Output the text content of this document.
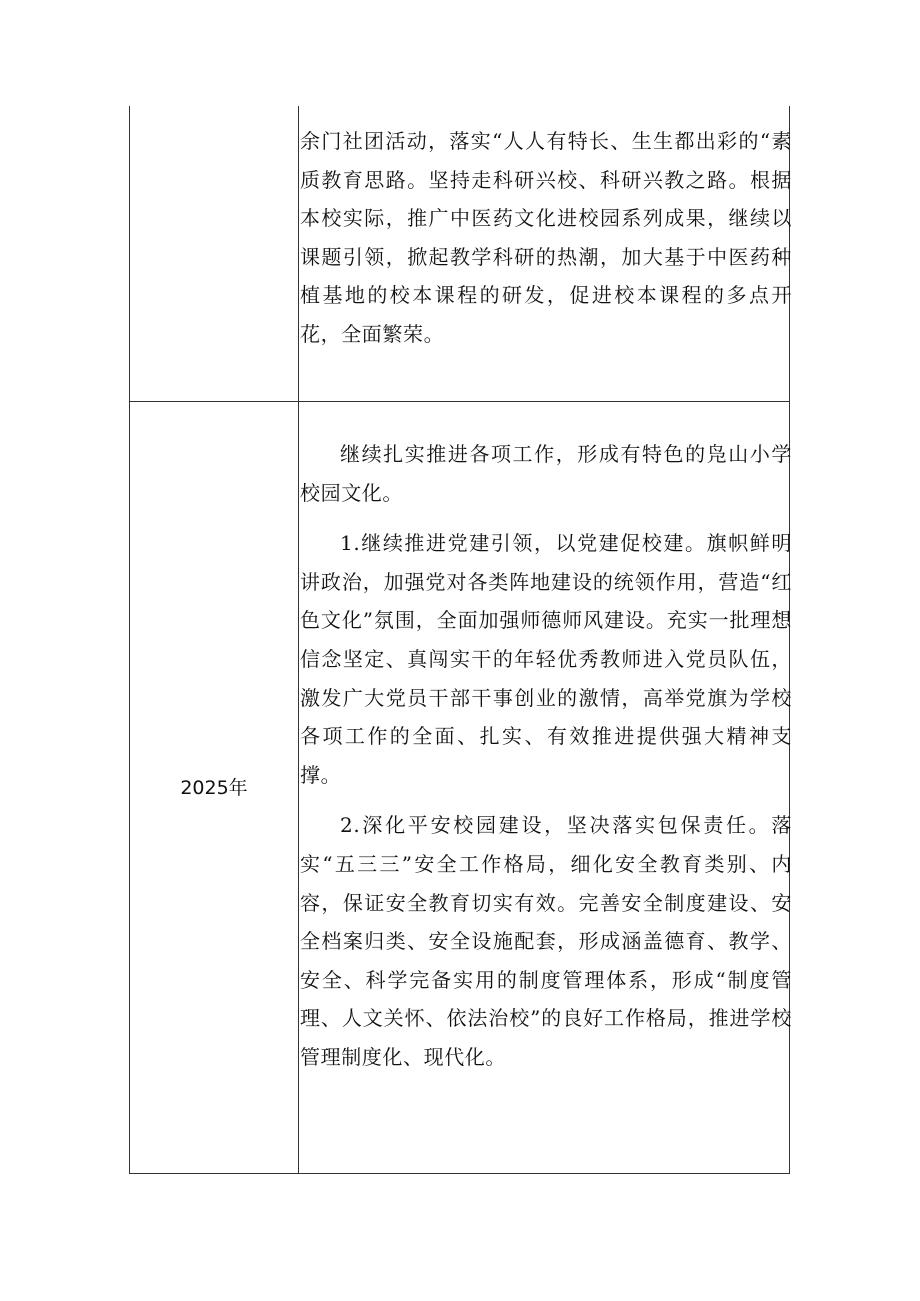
余门社团活动，落实“人人有特长、生生都出彩的“素质教育思路。坚持走科研兴校、科研兴教之路。根据本校实际，推广中医药文化进校园系列成果，继续以课题引领，掀起教学科研的热潮，加大基于中医药种植基地的校本课程的研发，促进校本课程的多点开花，全面繁荣。

2025年

继续扎实推进各项工作，形成有特色的凫山小学校园文化。

1.继续推进党建引领，以党建促校建。旗帜鲜明讲政治，加强党对各类阵地建设的统领作用，营造“红色文化”氛围，全面加强师德师风建设。充实一批理想信念坚定、真闯实干的年轻优秀教师进入党员队伍，激发广大党员干部干事创业的激情，高举党旗为学校各项工作的全面、扎实、有效推进提供强大精神支撑。

2.深化平安校园建设，坚决落实包保责任。落实“五三三”安全工作格局，细化安全教育类别、内容，保证安全教育切实有效。完善安全制度建设、安全档案归类、安全设施配套，形成涵盖德育、教学、安全、科学完备实用的制度管理体系，形成“制度管理、人文关怀、依法治校”的良好工作格局，推进学校管理制度化、现代化。
